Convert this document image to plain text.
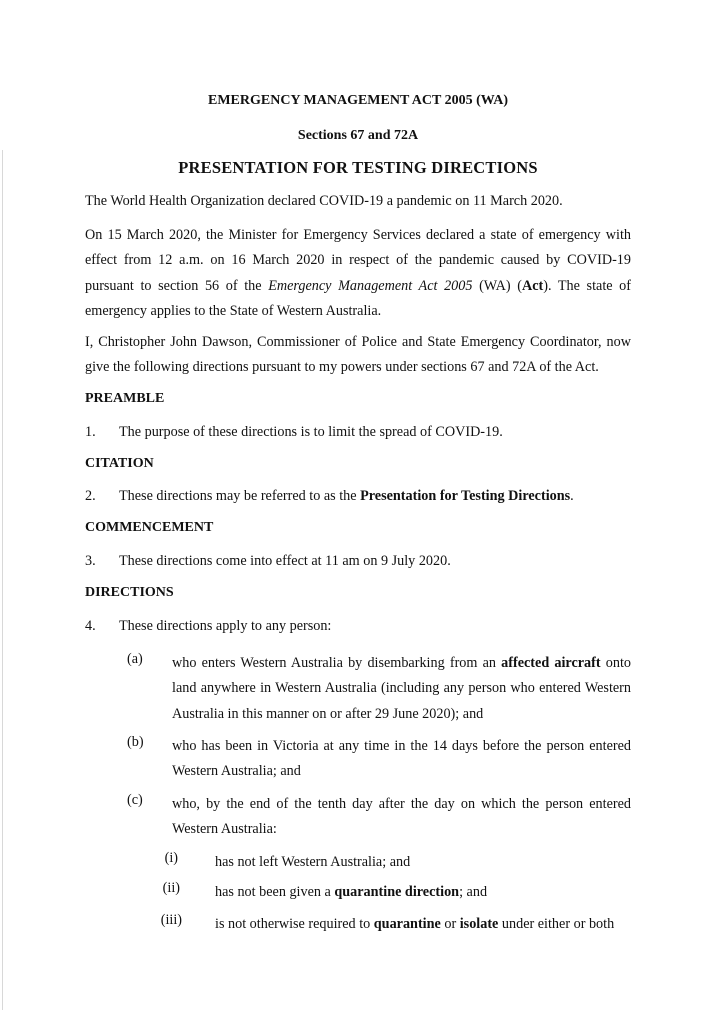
EMERGENCY MANAGEMENT ACT 2005 (WA)
Sections 67 and 72A
PRESENTATION FOR TESTING DIRECTIONS
The World Health Organization declared COVID-19 a pandemic on 11 March 2020.
On 15 March 2020, the Minister for Emergency Services declared a state of emergency with effect from 12 a.m. on 16 March 2020 in respect of the pandemic caused by COVID-19 pursuant to section 56 of the Emergency Management Act 2005 (WA) (Act). The state of emergency applies to the State of Western Australia.
I, Christopher John Dawson, Commissioner of Police and State Emergency Coordinator, now give the following directions pursuant to my powers under sections 67 and 72A of the Act.
PREAMBLE
1. The purpose of these directions is to limit the spread of COVID-19.
CITATION
2. These directions may be referred to as the Presentation for Testing Directions.
COMMENCEMENT
3. These directions come into effect at 11 am on 9 July 2020.
DIRECTIONS
4. These directions apply to any person:
(a) who enters Western Australia by disembarking from an affected aircraft onto land anywhere in Western Australia (including any person who entered Western Australia in this manner on or after 29 June 2020); and
(b) who has been in Victoria at any time in the 14 days before the person entered Western Australia; and
(c) who, by the end of the tenth day after the day on which the person entered Western Australia:
(i)	has not left Western Australia; and
(ii) has not been given a quarantine direction; and
(iii) is not otherwise required to quarantine or isolate under either or both
